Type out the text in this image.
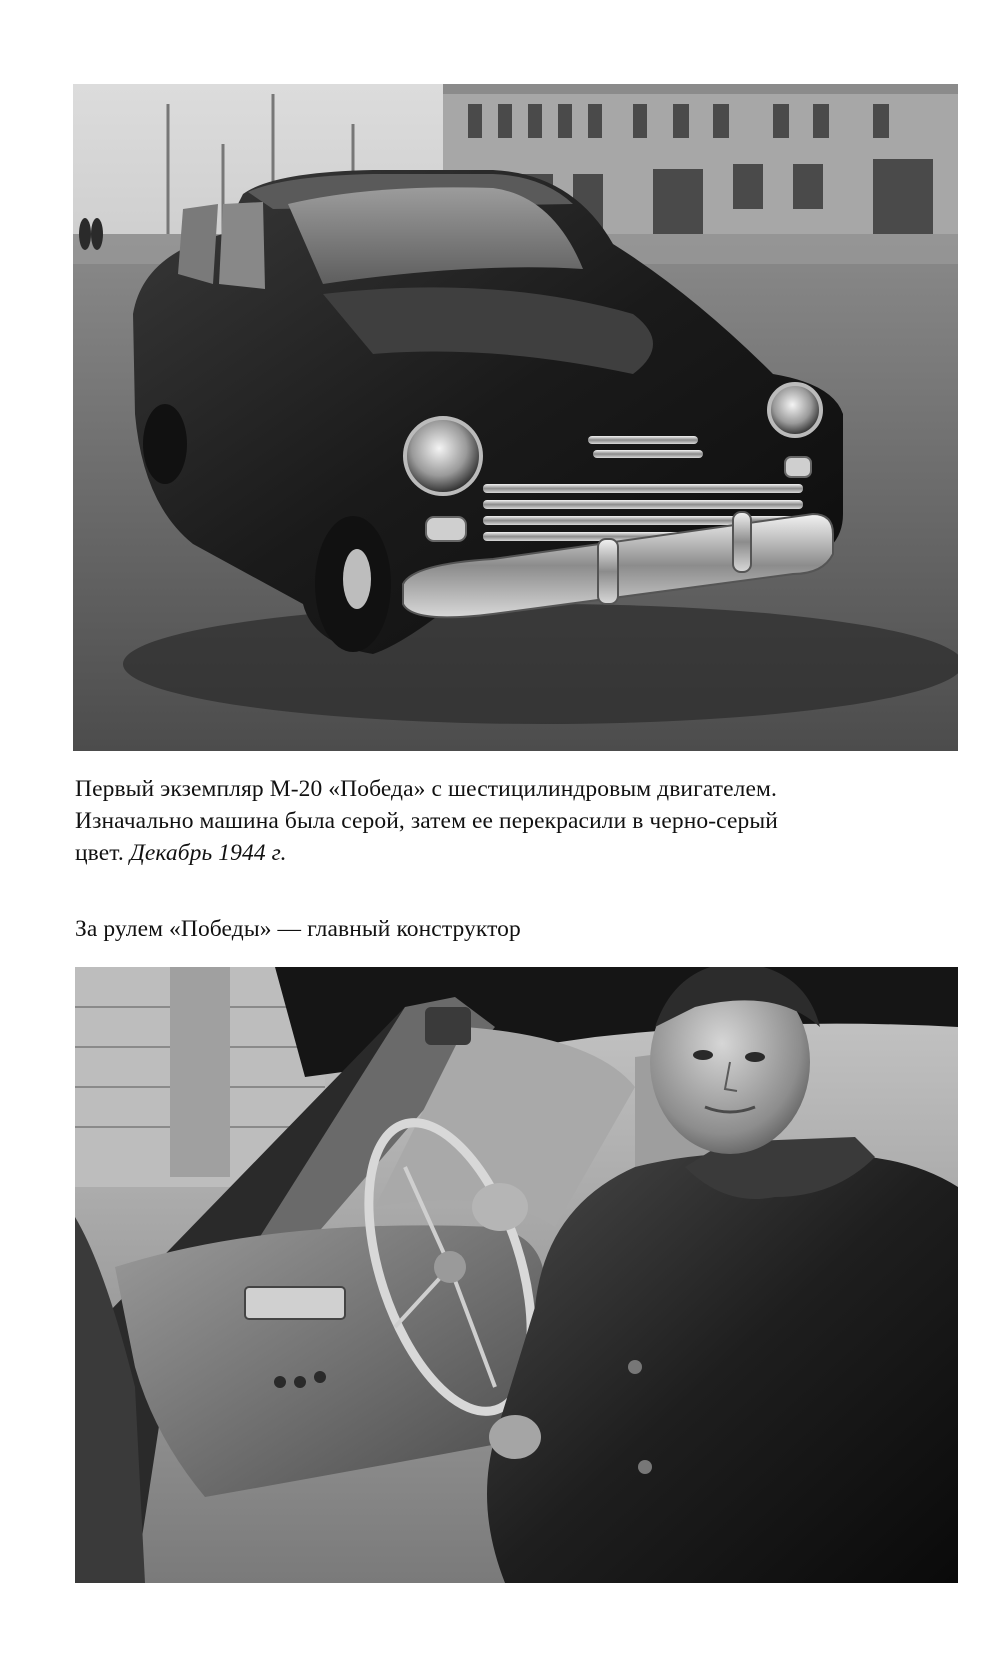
Первый экземпляр М-20 «Победа» с шестицилиндровым двигателем.
Изначально машина была серой, затем ее перекрасили в черно-серый
цвет. Декабрь 1944 г.
За рулем «Победы» — главный конструктор
